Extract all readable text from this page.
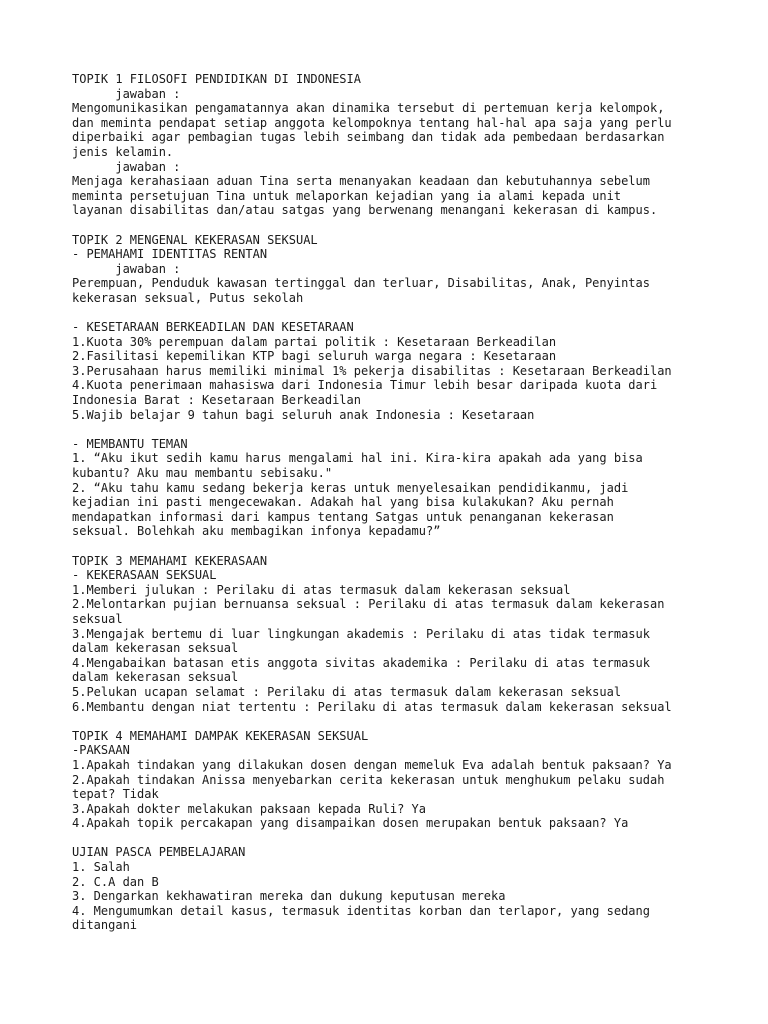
TOPIK 1 FILOSOFI PENDIDIKAN DI INDONESIA
jawaban :
Mengomunikasikan pengamatannya akan dinamika tersebut di pertemuan kerja kelompok,
dan meminta pendapat setiap anggota kelompoknya tentang hal-hal apa saja yang perlu
diperbaiki agar pembagian tugas lebih seimbang dan tidak ada pembedaan berdasarkan
jenis kelamin.
jawaban :
Menjaga kerahasiaan aduan Tina serta menanyakan keadaan dan kebutuhannya sebelum
meminta persetujuan Tina untuk melaporkan kejadian yang ia alami kepada unit
layanan disabilitas dan/atau satgas yang berwenang menangani kekerasan di kampus.
TOPIK 2 MENGENAL KEKERASAN SEKSUAL
- PEMAHAMI IDENTITAS RENTAN
jawaban :
Perempuan, Penduduk kawasan tertinggal dan terluar, Disabilitas, Anak, Penyintas
kekerasan seksual, Putus sekolah
- KESETARAAN BERKEADILAN DAN KESETARAAN
1.Kuota 30% perempuan dalam partai politik : Kesetaraan Berkeadilan
2.Fasilitasi kepemilikan KTP bagi seluruh warga negara : Kesetaraan
3.Perusahaan harus memiliki minimal 1% pekerja disabilitas : Kesetaraan Berkeadilan
4.Kuota penerimaan mahasiswa dari Indonesia Timur lebih besar daripada kuota dari
Indonesia Barat : Kesetaraan Berkeadilan
5.Wajib belajar 9 tahun bagi seluruh anak Indonesia : Kesetaraan
- MEMBANTU TEMAN
1. “Aku ikut sedih kamu harus mengalami hal ini. Kira-kira apakah ada yang bisa
kubantu? Aku mau membantu sebisaku."
2. “Aku tahu kamu sedang bekerja keras untuk menyelesaikan pendidikanmu, jadi
kejadian ini pasti mengecewakan. Adakah hal yang bisa kulakukan? Aku pernah
mendapatkan informasi dari kampus tentang Satgas untuk penanganan kekerasan
seksual. Bolehkah aku membagikan infonya kepadamu?”
TOPIK 3 MEMAHAMI KEKERASAAN
- KEKERASAAN SEKSUAL
1.Memberi julukan : Perilaku di atas termasuk dalam kekerasan seksual
2.Melontarkan pujian bernuansa seksual : Perilaku di atas termasuk dalam kekerasan
seksual
3.Mengajak bertemu di luar lingkungan akademis : Perilaku di atas tidak termasuk
dalam kekerasan seksual
4.Mengabaikan batasan etis anggota sivitas akademika : Perilaku di atas termasuk
dalam kekerasan seksual
5.Pelukan ucapan selamat : Perilaku di atas termasuk dalam kekerasan seksual
6.Membantu dengan niat tertentu : Perilaku di atas termasuk dalam kekerasan seksual
TOPIK 4 MEMAHAMI DAMPAK KEKERASAN SEKSUAL
-PAKSAAN
1.Apakah tindakan yang dilakukan dosen dengan memeluk Eva adalah bentuk paksaan? Ya
2.Apakah tindakan Anissa menyebarkan cerita kekerasan untuk menghukum pelaku sudah
tepat? Tidak
3.Apakah dokter melakukan paksaan kepada Ruli? Ya
4.Apakah topik percakapan yang disampaikan dosen merupakan bentuk paksaan? Ya
UJIAN PASCA PEMBELAJARAN
1. Salah
2. C.A dan B
3. Dengarkan kekhawatiran mereka dan dukung keputusan mereka
4. Mengumumkan detail kasus, termasuk identitas korban dan terlapor, yang sedang
ditangani
